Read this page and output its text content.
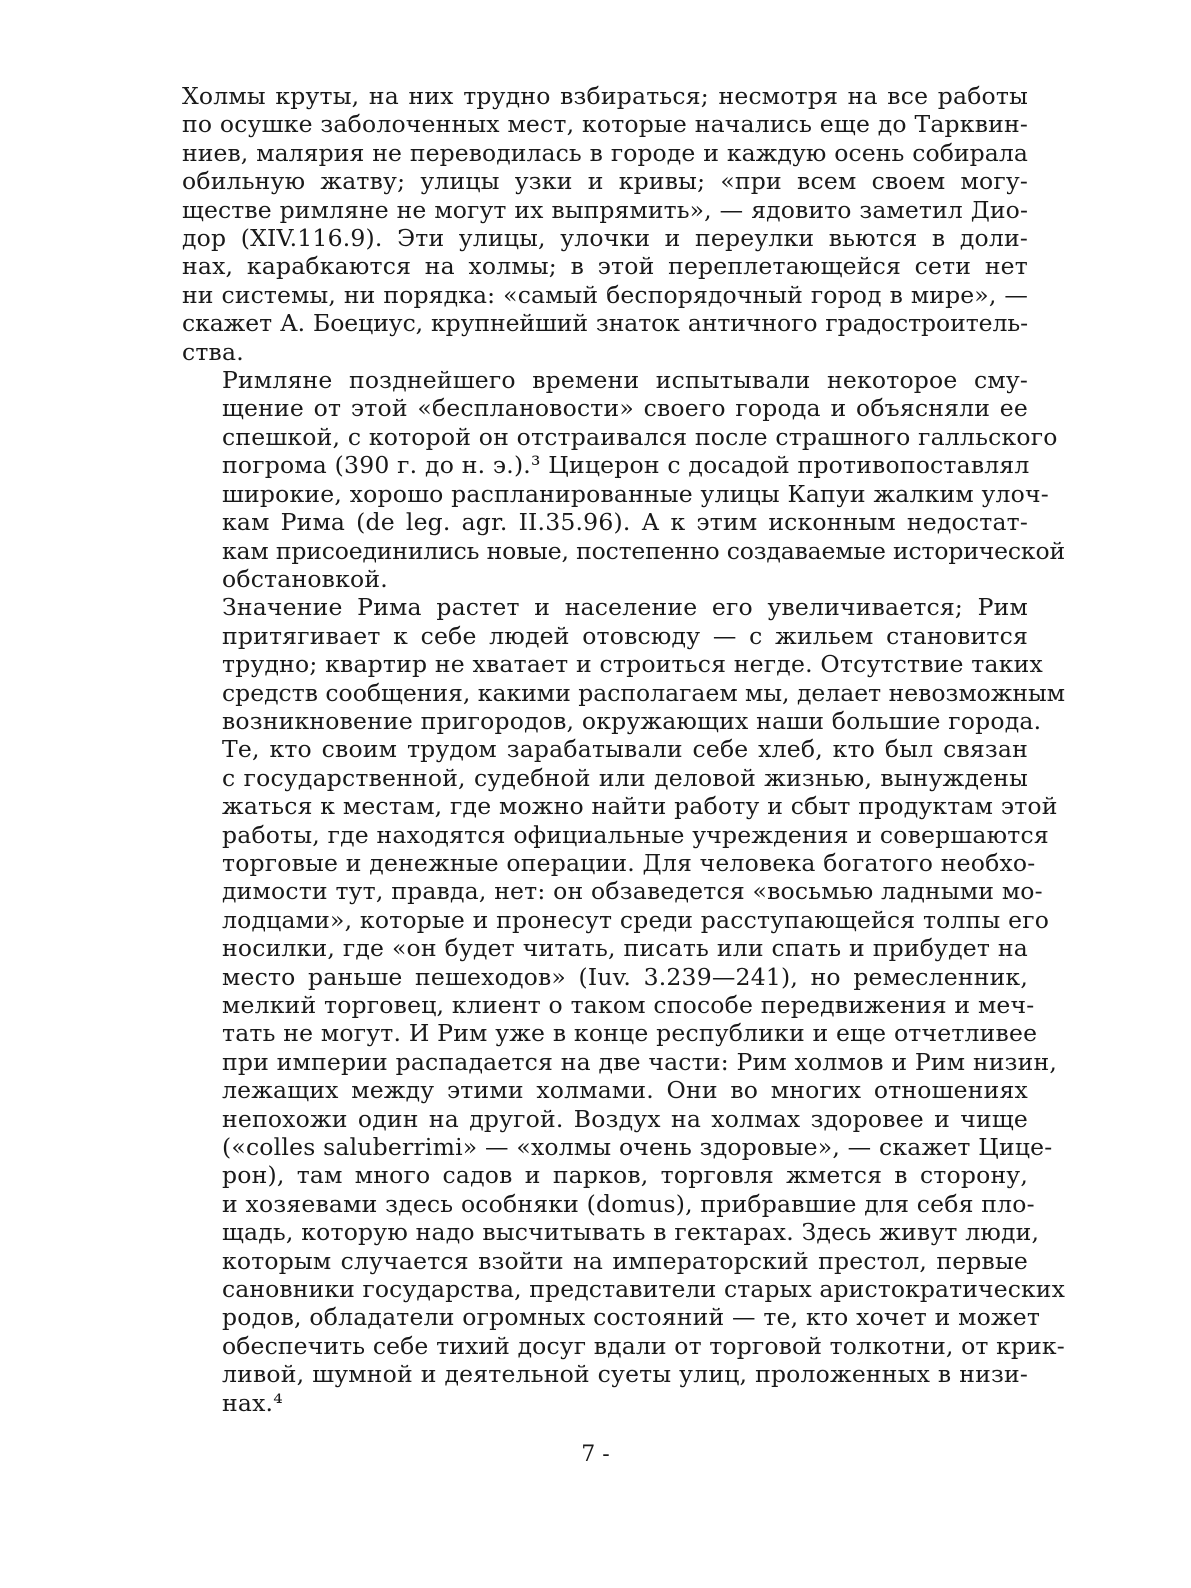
Холмы круты, на них трудно взбираться; несмотря на все работы
по осушке заболоченных мест, которые начались еще до Тарквин-
ниев, малярия не переводилась в городе и каждую осень собирала
обильную жатву; улицы узки и кривы; «при всем своем могу-
ществе римляне не могут их выпрямить», — ядовито заметил Дио-
дор (XIV.116.9). Эти улицы, улочки и переулки вьются в доли-
нах, карабкаются на холмы; в этой переплетающейся сети нет
ни системы, ни порядка: «самый беспорядочный город в мире», —
скажет А. Боециус, крупнейший знаток античного градостроитель-
ства.
Римляне позднейшего времени испытывали некоторое сму-
щение от этой «бесплановости» своего города и объясняли ее
спешкой, с которой он отстраивался после страшного галльского
погрома (390 г. до н. э.).³ Цицерон с досадой противопоставлял
широкие, хорошо распланированные улицы Капуи жалким улоч-
кам Рима (de leg. agr. II.35.96). А к этим исконным недостат-
кам присоединились новые, постепенно создаваемые исторической
обстановкой.
Значение Рима растет и население его увеличивается; Рим
притягивает к себе людей отовсюду — с жильем становится
трудно; квартир не хватает и строиться негде. Отсутствие таких
средств сообщения, какими располагаем мы, делает невозможным
возникновение пригородов, окружающих наши большие города.
Те, кто своим трудом зарабатывали себе хлеб, кто был связан
с государственной, судебной или деловой жизнью, вынуждены
жаться к местам, где можно найти работу и сбыт продуктам этой
работы, где находятся официальные учреждения и совершаются
торговые и денежные операции. Для человека богатого необхо-
димости тут, правда, нет: он обзаведется «восьмью ладными мо-
лодцами», которые и пронесут среди расступающейся толпы его
носилки, где «он будет читать, писать или спать и прибудет на
место раньше пешеходов» (Iuv. 3.239—241), но ремесленник,
мелкий торговец, клиент о таком способе передвижения и меч-
тать не могут. И Рим уже в конце республики и еще отчетливее
при империи распадается на две части: Рим холмов и Рим низин,
лежащих между этими холмами. Они во многих отношениях
непохожи один на другой. Воздух на холмах здоровее и чище
(«colles saluberrimi» — «холмы очень здоровые», — скажет Цице-
рон), там много садов и парков, торговля жмется в сторону,
и хозяевами здесь особняки (domus), прибравшие для себя пло-
щадь, которую надо высчитывать в гектарах. Здесь живут люди,
которым случается взойти на императорский престол, первые
сановники государства, представители старых аристократических
родов, обладатели огромных состояний — те, кто хочет и может
обеспечить себе тихий досуг вдали от торговой толкотни, от крик-
ливой, шумной и деятельной суеты улиц, проложенных в низи-
нах.⁴
7 -
